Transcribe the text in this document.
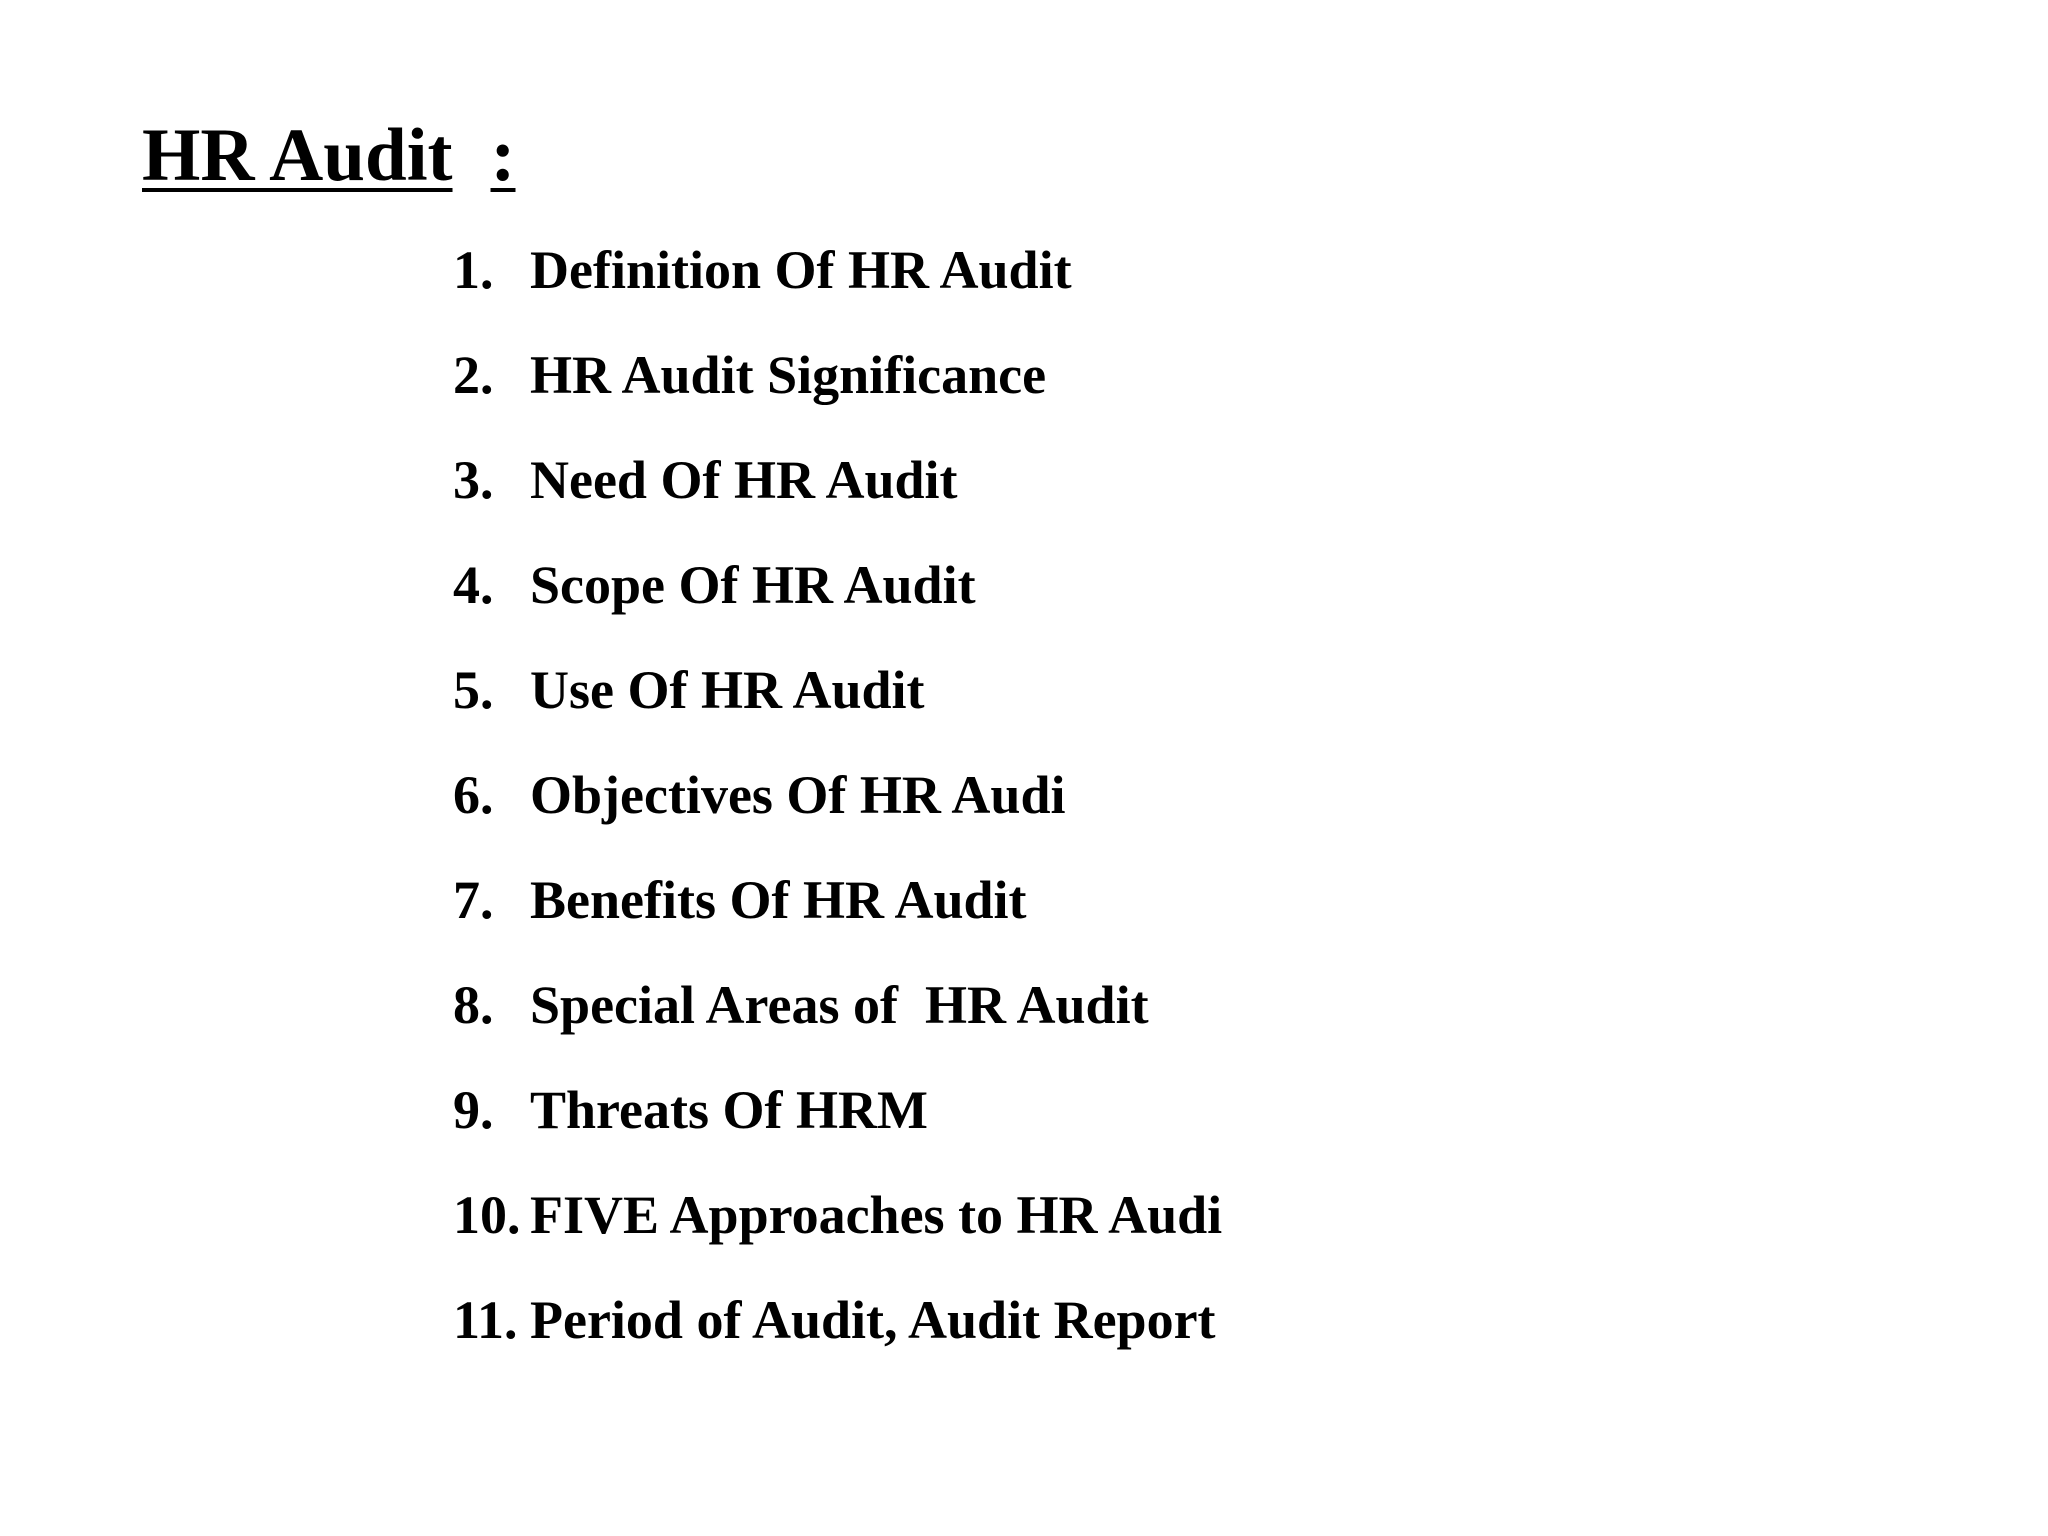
HR Audit :
1. Definition Of HR Audit
2. HR Audit Significance
3. Need Of HR Audit
4. Scope Of HR Audit
5. Use Of HR Audit
6. Objectives Of HR Audi
7. Benefits Of HR Audit
8. Special Areas of  HR Audit
9. Threats Of HRM
10. FIVE Approaches to HR Audi
11. Period of Audit, Audit Report
